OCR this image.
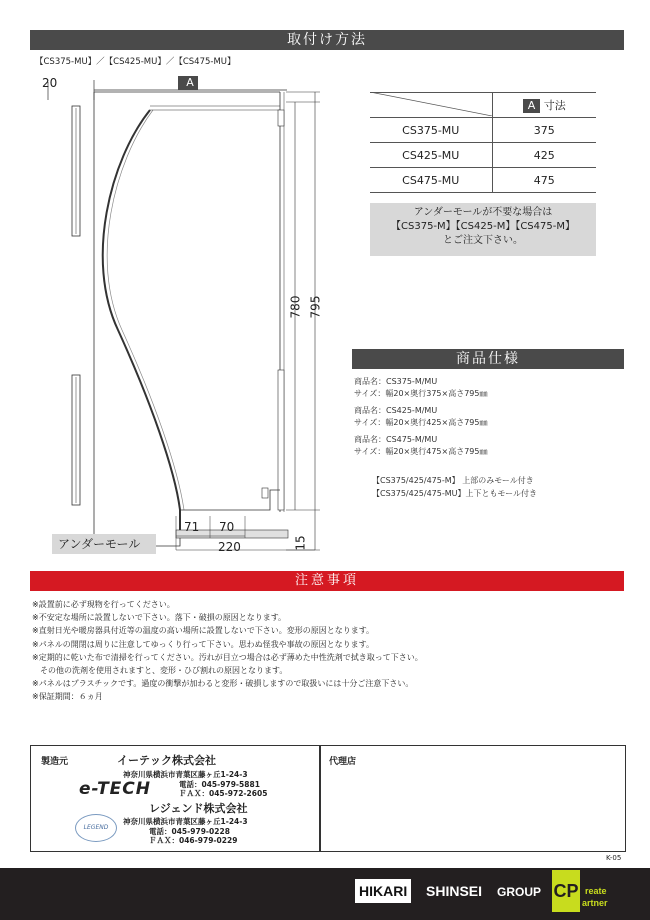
取付け方法
【CS375-MU】／【CS425-MU】／【CS475-MU】
20	A
780 795
71 70
220	15
アンダーモール
	A 寸法
CS375-MU	375
CS425-MU	425
CS475-MU	475
アンダーモールが不要な場合は
【CS375-M】【CS425-M】【CS475-M】
とご注文下さい。
商品仕様
商品名：CS375-M/MU
サイズ：幅20×奥行375×高さ795㎜
商品名：CS425-M/MU
サイズ：幅20×奥行425×高さ795㎜
商品名：CS475-M/MU
サイズ：幅20×奥行475×高さ795㎜
【CS375/425/475-M】 上部のみモール付き
【CS375/425/475-MU】上下ともモール付き
注意事項
※設置前に必ず現物を行ってください。
※不安定な場所に設置しないで下さい。落下・破損の原因となります。
※直射日光や暖房器具付近等の温度の高い場所に設置しないで下さい。変形の原因となります。
※パネルの開閉は周りに注意してゆっくり行って下さい。思わぬ怪我や事故の原因となります。
※定期的に乾いた布で清掃を行ってください。汚れが目立つ場合は必ず薄めた中性洗剤で拭き取って下さい。
　その他の洗剤を使用されますと、変形・ひび割れの原因となります。
※パネルはプラスチックです。過度の衝撃が加わると変形・破損しますので取扱いには十分ご注意下さい。
※保証期間：６ヵ月
製造元	イーテック株式会社
神奈川県横浜市青葉区藤ヶ丘1-24-3
e-TECH	電話：045-979-5881
ＦＡＸ：045-972-2605
レジェンド株式会社
神奈川県横浜市青葉区藤ヶ丘1-24-3
LEGEND	電話：045-979-0228
ＦＡＸ：046-979-0229
代理店
K-05
HIKARI SHINSEI GROUP CP reate
artner
